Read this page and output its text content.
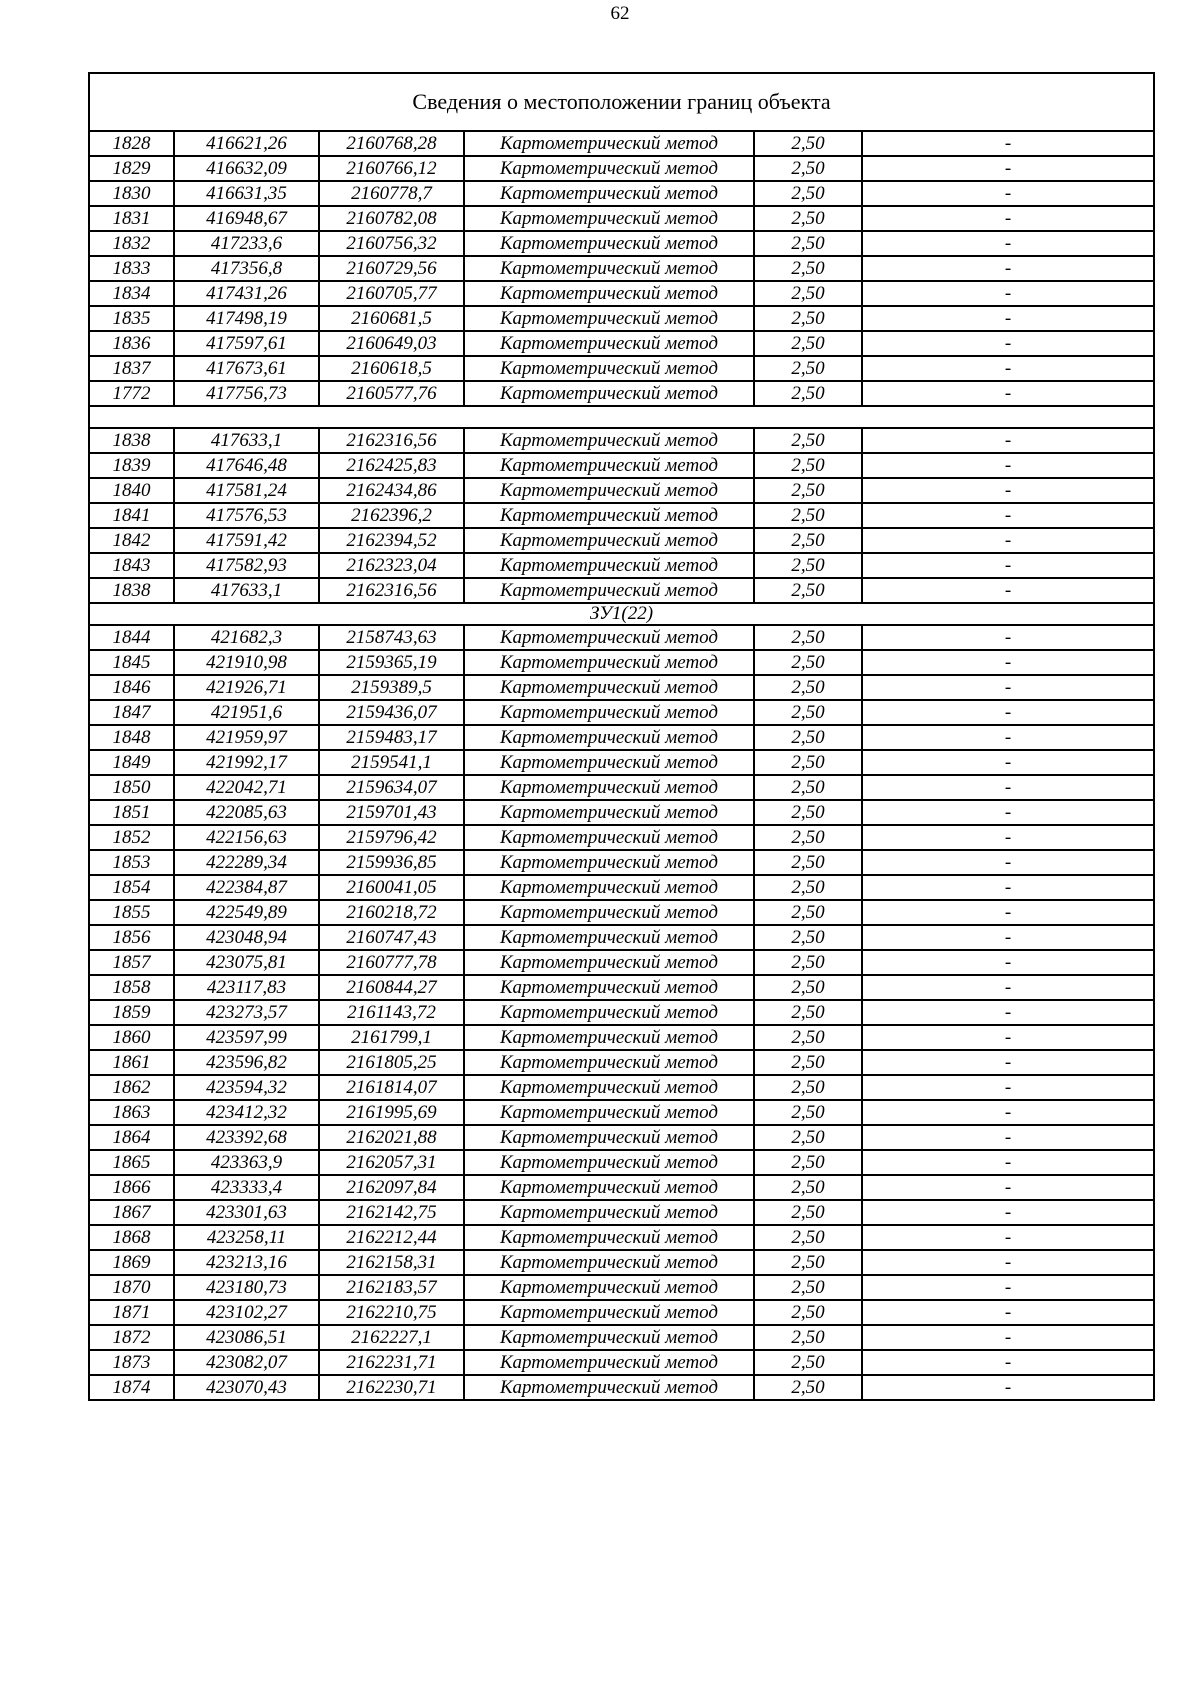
62
Сведения о местоположении границ объекта					
1828	416621,26	2160768,28	Картометрический метод	2,50	-
1829	416632,09	2160766,12	Картометрический метод	2,50	-
1830	416631,35	2160778,7	Картометрический метод	2,50	-
1831	416948,67	2160782,08	Картометрический метод	2,50	-
1832	417233,6	2160756,32	Картометрический метод	2,50	-
1833	417356,8	2160729,56	Картометрический метод	2,50	-
1834	417431,26	2160705,77	Картометрический метод	2,50	-
1835	417498,19	2160681,5	Картометрический метод	2,50	-
1836	417597,61	2160649,03	Картометрический метод	2,50	-
1837	417673,61	2160618,5	Картометрический метод	2,50	-
1772	417756,73	2160577,76	Картометрический метод	2,50	-

1838	417633,1	2162316,56	Картометрический метод	2,50	-
1839	417646,48	2162425,83	Картометрический метод	2,50	-
1840	417581,24	2162434,86	Картометрический метод	2,50	-
1841	417576,53	2162396,2	Картометрический метод	2,50	-
1842	417591,42	2162394,52	Картометрический метод	2,50	-
1843	417582,93	2162323,04	Картометрический метод	2,50	-
1838	417633,1	2162316,56	Картометрический метод	2,50	-
ЗУ1(22)					
1844	421682,3	2158743,63	Картометрический метод	2,50	-
1845	421910,98	2159365,19	Картометрический метод	2,50	-
1846	421926,71	2159389,5	Картометрический метод	2,50	-
1847	421951,6	2159436,07	Картометрический метод	2,50	-
1848	421959,97	2159483,17	Картометрический метод	2,50	-
1849	421992,17	2159541,1	Картометрический метод	2,50	-
1850	422042,71	2159634,07	Картометрический метод	2,50	-
1851	422085,63	2159701,43	Картометрический метод	2,50	-
1852	422156,63	2159796,42	Картометрический метод	2,50	-
1853	422289,34	2159936,85	Картометрический метод	2,50	-
1854	422384,87	2160041,05	Картометрический метод	2,50	-
1855	422549,89	2160218,72	Картометрический метод	2,50	-
1856	423048,94	2160747,43	Картометрический метод	2,50	-
1857	423075,81	2160777,78	Картометрический метод	2,50	-
1858	423117,83	2160844,27	Картометрический метод	2,50	-
1859	423273,57	2161143,72	Картометрический метод	2,50	-
1860	423597,99	2161799,1	Картометрический метод	2,50	-
1861	423596,82	2161805,25	Картометрический метод	2,50	-
1862	423594,32	2161814,07	Картометрический метод	2,50	-
1863	423412,32	2161995,69	Картометрический метод	2,50	-
1864	423392,68	2162021,88	Картометрический метод	2,50	-
1865	423363,9	2162057,31	Картометрический метод	2,50	-
1866	423333,4	2162097,84	Картометрический метод	2,50	-
1867	423301,63	2162142,75	Картометрический метод	2,50	-
1868	423258,11	2162212,44	Картометрический метод	2,50	-
1869	423213,16	2162158,31	Картометрический метод	2,50	-
1870	423180,73	2162183,57	Картометрический метод	2,50	-
1871	423102,27	2162210,75	Картометрический метод	2,50	-
1872	423086,51	2162227,1	Картометрический метод	2,50	-
1873	423082,07	2162231,71	Картометрический метод	2,50	-
1874	423070,43	2162230,71	Картометрический метод	2,50	-
